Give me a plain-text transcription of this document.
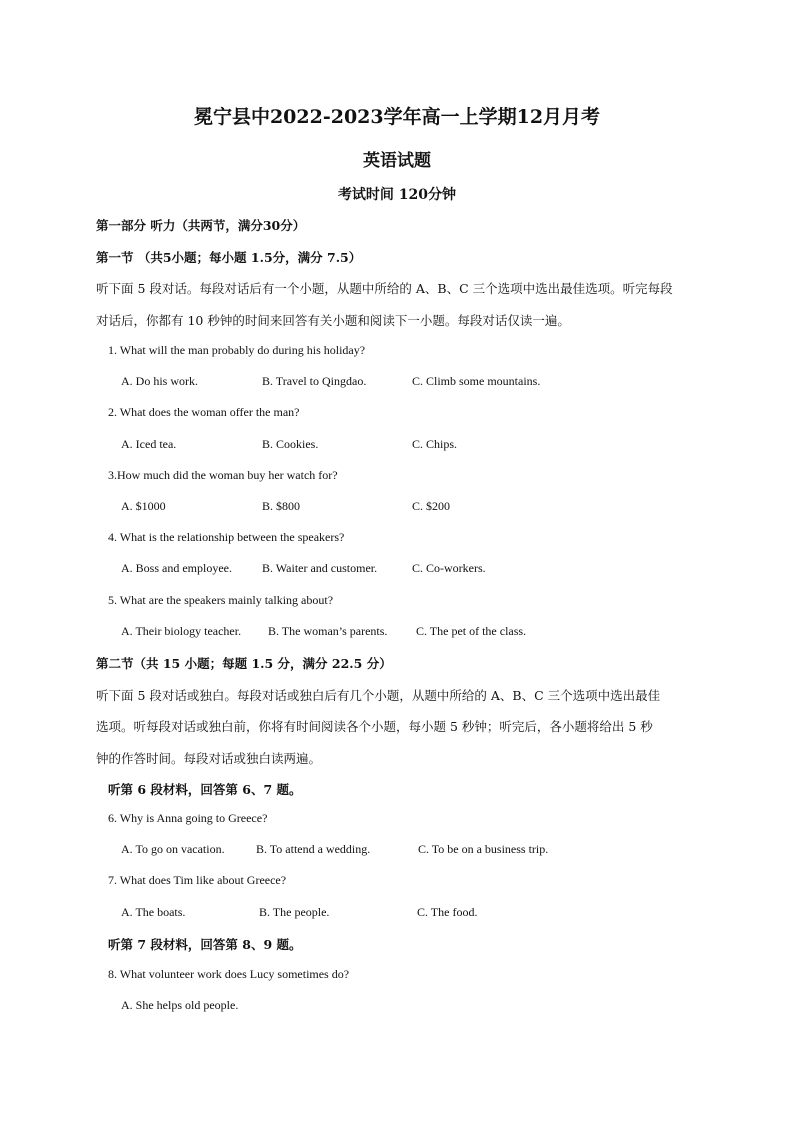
冕宁县中2022-2023学年高一上学期12月月考
英语试题
考试时间 120分钟
第一部分 听力（共两节，满分30分）
第一节 （共5小题；每小题 1.5分，满分 7.5）
听下面 5 段对话。每段对话后有一个小题，从题中所给的 A、B、C 三个选项中选出最佳选项。听完每段
对话后，你都有 10 秒钟的时间来回答有关小题和阅读下一小题。每段对话仅读一遍。
1. What will the man probably do during his holiday?
A. Do his work.	B. Travel to Qingdao.	C. Climb some mountains.
2. What does the woman offer the man?
A. Iced tea.	B. Cookies.	C. Chips.
3.How much did the woman buy her watch for?
A. $1000	B. $800	C. $200
4. What is the relationship between the speakers?
A. Boss and employee.	B. Waiter and customer.	C. Co-workers.
5. What are the speakers mainly talking about?
A. Their biology teacher. B. The woman’s parents. C. The pet of the class.
第二节（共 15 小题；每题 1.5 分，满分 22.5 分）
听下面 5 段对话或独白。每段对话或独白后有几个小题，从题中所给的 A、B、C 三个选项中选出最佳
选项。听每段对话或独白前，你将有时间阅读各个小题，每小题 5 秒钟；听完后，各小题将给出 5 秒
钟的作答时间。每段对话或独白读两遍。
听第 6 段材料，回答第 6、7 题。
6. Why is Anna going to Greece?
A. To go on vacation.	B. To attend a wedding.	C. To be on a business trip.
7. What does Tim like about Greece?
A. The boats.	B. The people.	C. The food.
听第 7 段材料，回答第 8、9 题。
8. What volunteer work does Lucy sometimes do?
A. She helps old people.
